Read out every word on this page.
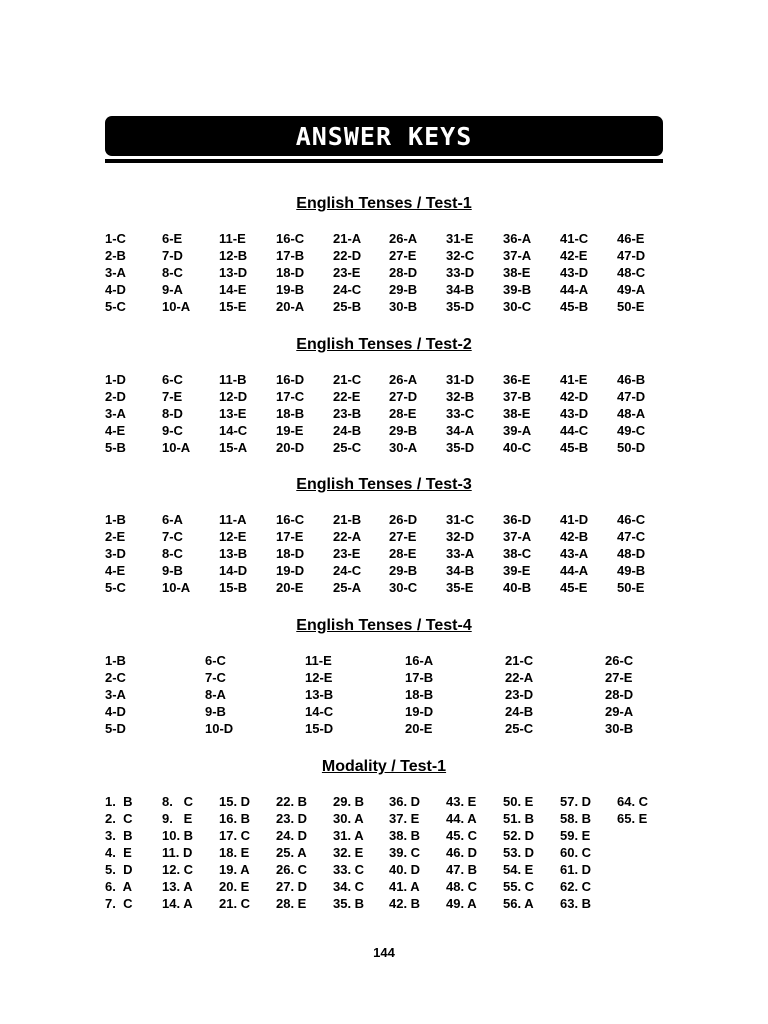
ANSWER KEYS
English Tenses / Test-1
1-C
2-B
3-A
4-D
5-C
6-E
7-D
8-C
9-A
10-A
11-E
12-B
13-D
14-E
15-E
16-C
17-B
18-D
19-B
20-A
21-A
22-D
23-E
24-C
25-B
26-A
27-E
28-D
29-B
30-B
31-E
32-C
33-D
34-B
35-D
36-A
37-A
38-E
39-B
30-C
41-C
42-E
43-D
44-A
45-B
46-E
47-D
48-C
49-A
50-E
English Tenses / Test-2
1-D
2-D
3-A
4-E
5-B
6-C
7-E
8-D
9-C
10-A
11-B
12-D
13-E
14-C
15-A
16-D
17-C
18-B
19-E
20-D
21-C
22-E
23-B
24-B
25-C
26-A
27-D
28-E
29-B
30-A
31-D
32-B
33-C
34-A
35-D
36-E
37-B
38-E
39-A
40-C
41-E
42-D
43-D
44-C
45-B
46-B
47-D
48-A
49-C
50-D
English Tenses / Test-3
1-B
2-E
3-D
4-E
5-C
6-A
7-C
8-C
9-B
10-A
11-A
12-E
13-B
14-D
15-B
16-C
17-E
18-D
19-D
20-E
21-B
22-A
23-E
24-C
25-A
26-D
27-E
28-E
29-B
30-C
31-C
32-D
33-A
34-B
35-E
36-D
37-A
38-C
39-E
40-B
41-D
42-B
43-A
44-A
45-E
46-C
47-C
48-D
49-B
50-E
English Tenses / Test-4
1-B
2-C
3-A
4-D
5-D
6-C
7-C
8-A
9-B
10-D
11-E
12-E
13-B
14-C
15-D
16-A
17-B
18-B
19-D
20-E
21-C
22-A
23-D
24-B
25-C
26-C
27-E
28-D
29-A
30-B
Modality / Test-1
1.  B
2.  C
3.  B
4.  E
5.  D
6.  A
7.  C
8.   C
9.   E
10. B
11. D
12. C
13. A
14. A
15. D
16. B
17. C
18. E
19. A
20. E
21. C
22. B
23. D
24. D
25. A
26. C
27. D
28. E
29. B
30. A
31. A
32. E
33. C
34. C
35. B
36. D
37. E
38. B
39. C
40. D
41. A
42. B
43. E
44. A
45. C
46. D
47. B
48. C
49. A
50. E
51. B
52. D
53. D
54. E
55. C
56. A
57. D
58. B
59. E
60. C
61. D
62. C
63. B
64. C
65. E
144
